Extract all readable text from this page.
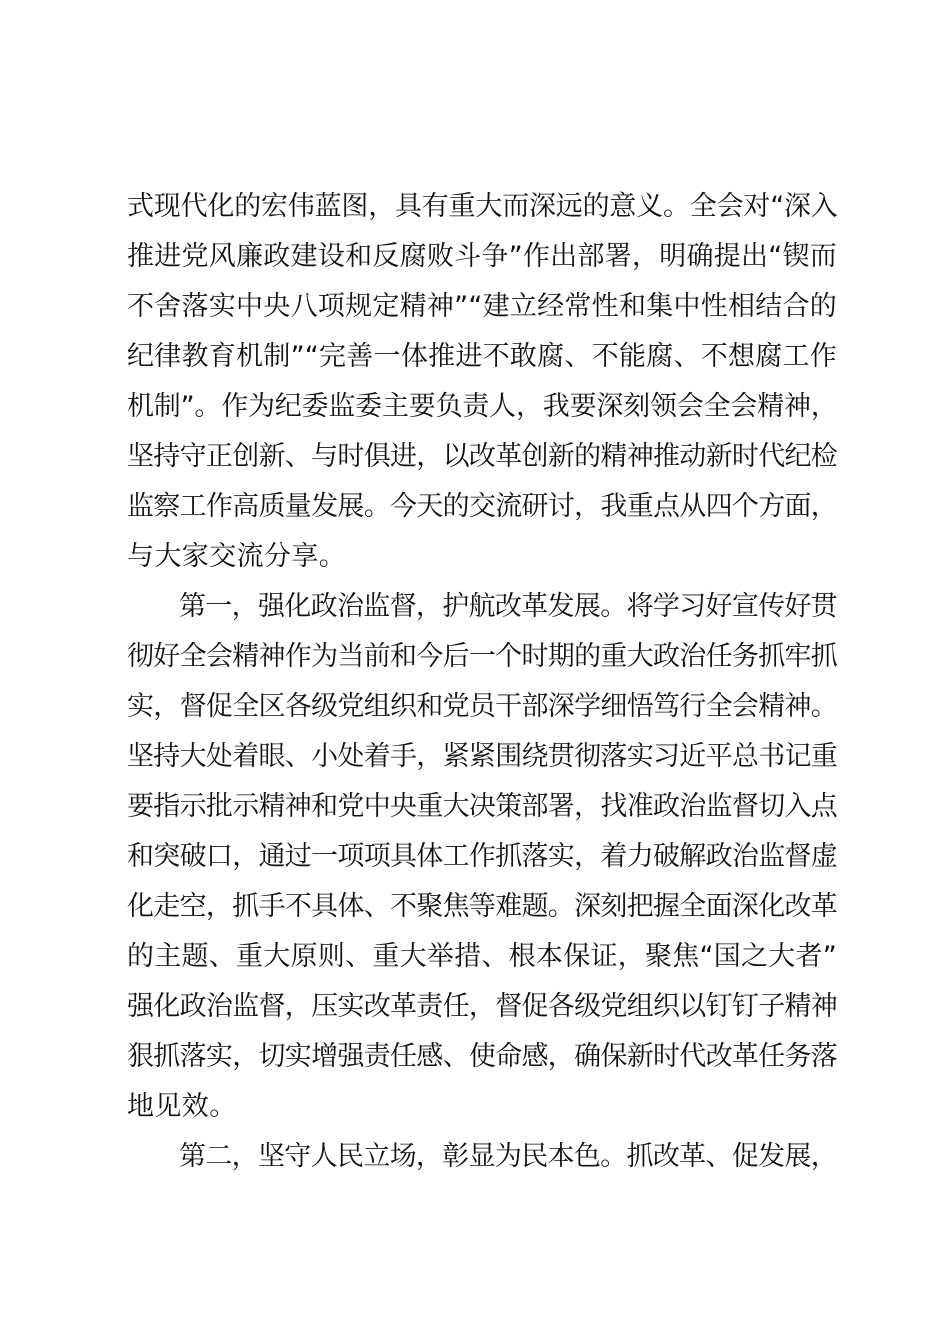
式现代化的宏伟蓝图，具有重大而深远的意义。全会对“深入
推进党风廉政建设和反腐败斗争”作出部署，明确提出“锲而
不舍落实中央八项规定精神”“建立经常性和集中性相结合的
纪律教育机制”“完善一体推进不敢腐、不能腐、不想腐工作
机制”。作为纪委监委主要负责人，我要深刻领会全会精神，
坚持守正创新、与时俱进，以改革创新的精神推动新时代纪检
监察工作高质量发展。今天的交流研讨，我重点从四个方面，
与大家交流分享。
第一，强化政治监督，护航改革发展。将学习好宣传好贯
彻好全会精神作为当前和今后一个时期的重大政治任务抓牢抓
实，督促全区各级党组织和党员干部深学细悟笃行全会精神。
坚持大处着眼、小处着手，紧紧围绕贯彻落实习近平总书记重
要指示批示精神和党中央重大决策部署，找准政治监督切入点
和突破口，通过一项项具体工作抓落实，着力破解政治监督虚
化走空，抓手不具体、不聚焦等难题。深刻把握全面深化改革
的主题、重大原则、重大举措、根本保证，聚焦“国之大者”
强化政治监督，压实改革责任，督促各级党组织以钉钉子精神
狠抓落实，切实增强责任感、使命感，确保新时代改革任务落
地见效。
第二，坚守人民立场，彰显为民本色。抓改革、促发展，
